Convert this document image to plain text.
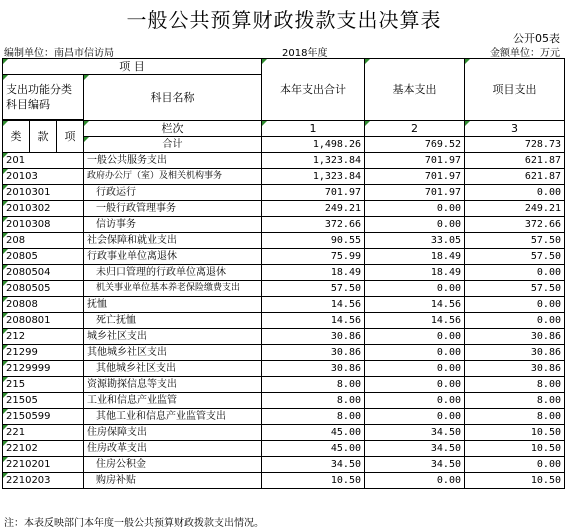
一般公共预算财政拨款支出决算表
公开05表
编制单位：南昌市信访局	2018年度	金额单位：万元
项 目				本年支出合计	基本支出	项目支出
支出功能分类科目编码			科目名称			

类	款	项	栏次	1	2	3
			合计	1,498.26	769.52	728.73
201			一般公共服务支出	1,323.84	701.97	621.87
20103			政府办公厅（室）及相关机构事务	1,323.84	701.97	621.87
2010301			行政运行	701.97	701.97	0.00
2010302			一般行政管理事务	249.21	0.00	249.21
2010308			信访事务	372.66	0.00	372.66
208			社会保障和就业支出	90.55	33.05	57.50
20805			行政事业单位离退休	75.99	18.49	57.50
2080504			未归口管理的行政单位离退休	18.49	18.49	0.00
2080505			机关事业单位基本养老保险缴费支出	57.50	0.00	57.50
20808			抚恤	14.56	14.56	0.00
2080801			死亡抚恤	14.56	14.56	0.00
212			城乡社区支出	30.86	0.00	30.86
21299			其他城乡社区支出	30.86	0.00	30.86
2129999			其他城乡社区支出	30.86	0.00	30.86
215			资源勘探信息等支出	8.00	0.00	8.00
21505			工业和信息产业监管	8.00	0.00	8.00
2150599			其他工业和信息产业监管支出	8.00	0.00	8.00
221			住房保障支出	45.00	34.50	10.50
22102			住房改革支出	45.00	34.50	10.50
2210201			住房公积金	34.50	34.50	0.00
2210203			购房补贴	10.50	0.00	10.50
注：本表反映部门本年度一般公共预算财政拨款支出情况。
